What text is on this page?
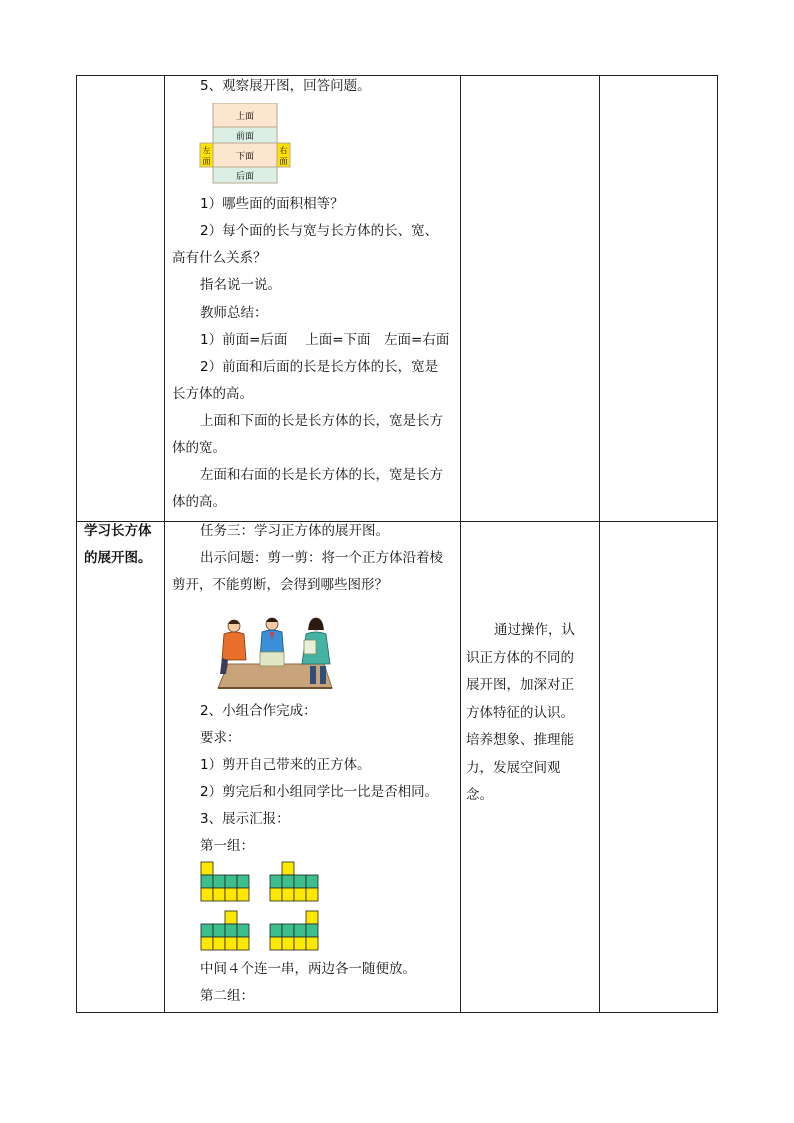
5、观察展开图，回答问题。
上面
前面
下面
后面
左
面
右
面
1）哪些面的面积相等？
2）每个面的长与宽与长方体的长、宽、
高有什么关系？
指名说一说。
教师总结：
1）前面=后面　 上面=下面　左面=右面
2）前面和后面的长是长方体的长，宽是
长方体的高。
上面和下面的长是长方体的长，宽是长方
体的宽。
左面和右面的长是长方体的长，宽是长方
体的高。
学习长方体
的展开图。
任务三：学习正方体的展开图。
出示问题：剪一剪：将一个正方体沿着棱
剪开，不能剪断，会得到哪些图形？
2、小组合作完成：
要求：
1）剪开自己带来的正方体。
2）剪完后和小组同学比一比是否相同。
3、展示汇报：
第一组：
中间４个连一串，两边各一随便放。
第二组：
通过操作，认
识正方体的不同的
展开图，加深对正
方体特征的认识。
培养想象、推理能
力，发展空间观
念。
